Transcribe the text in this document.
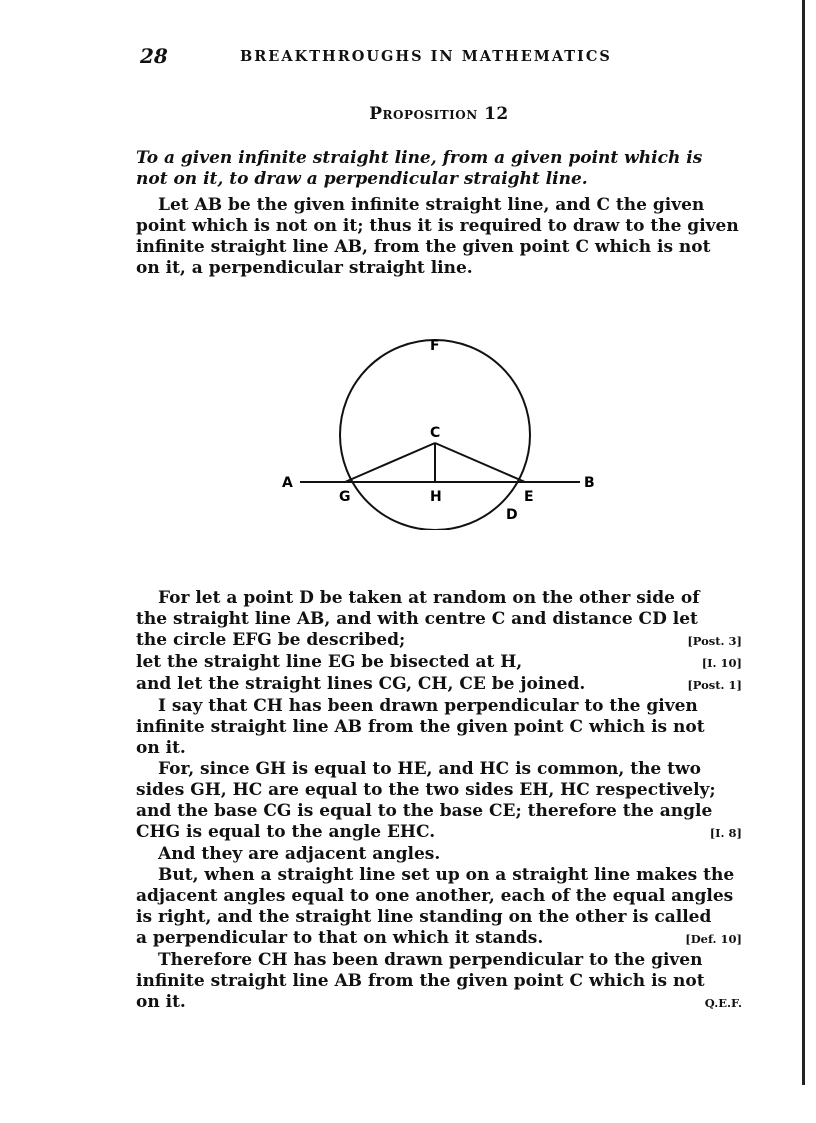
28	BREAKTHROUGHS IN MATHEMATICS
Proposition 12
To a given infinite straight line, from a given point which is
not on it, to draw a perpendicular straight line.
Let AB be the given infinite straight line, and C the given
point which is not on it; thus it is required to draw to the given
infinite straight line AB, from the given point C which is not
on it, a perpendicular straight line.
F
C
A	B
G	H	E
D
For let a point D be taken at random on the other side of
the straight line AB, and with centre C and distance CD let
the circle EFG be described;	[Post. 3]
let the straight line EG be bisected at H,	[I. 10]
and let the straight lines CG, CH, CE be joined.	[Post. 1]
I say that CH has been drawn perpendicular to the given
infinite straight line AB from the given point C which is not
on it.
For, since GH is equal to HE, and HC is common, the two
sides GH, HC are equal to the two sides EH, HC respectively;
and the base CG is equal to the base CE; therefore the angle
CHG is equal to the angle EHC.	[I. 8]
And they are adjacent angles.
But, when a straight line set up on a straight line makes the
adjacent angles equal to one another, each of the equal angles
is right, and the straight line standing on the other is called
a perpendicular to that on which it stands.	[Def. 10]
Therefore CH has been drawn perpendicular to the given
infinite straight line AB from the given point C which is not
on it.	Q.E.F.
